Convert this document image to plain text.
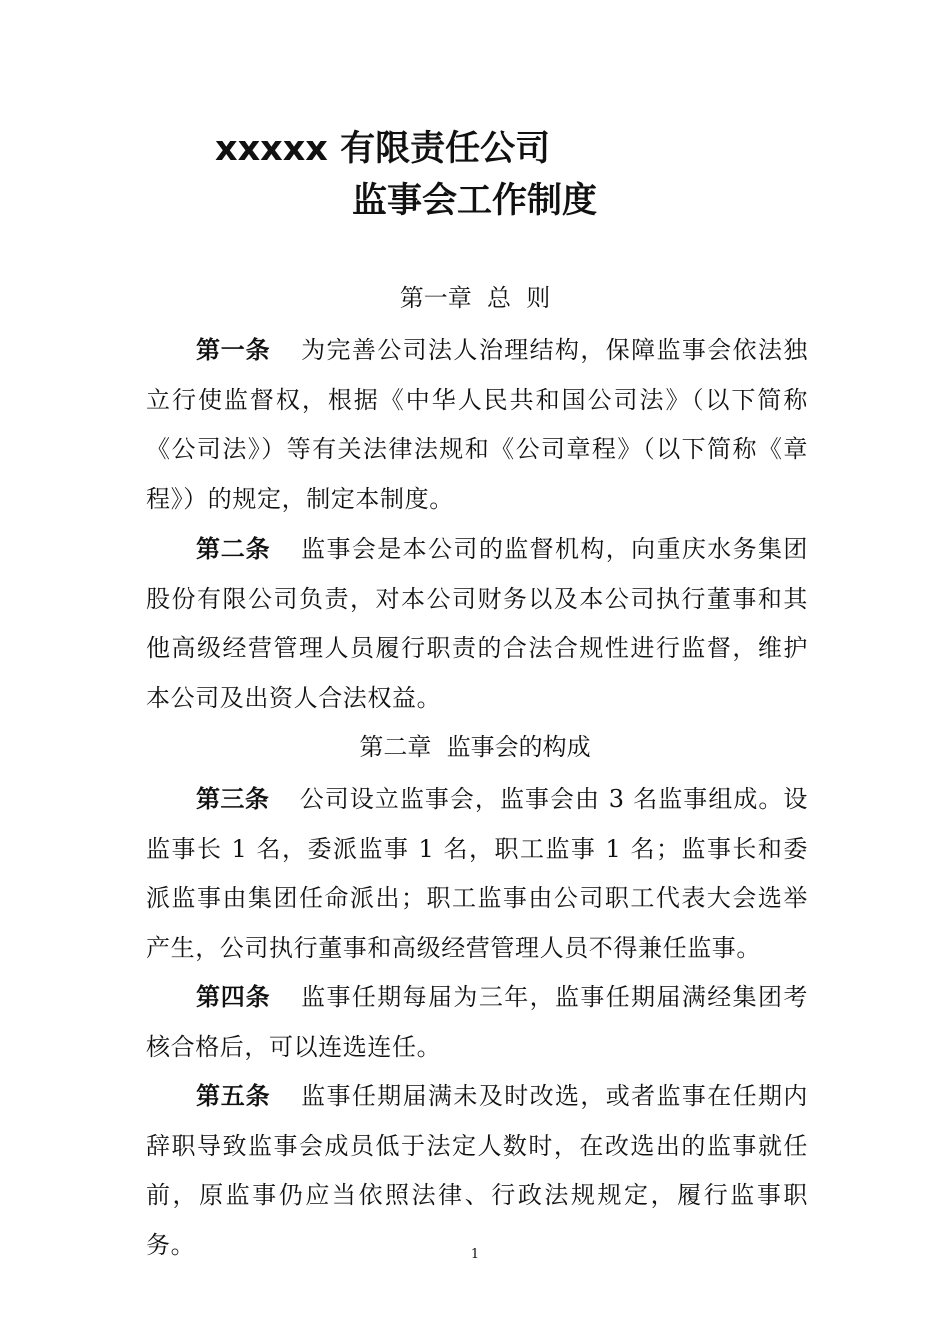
xxxxx 有限责任公司
监事会工作制度
第一章  总  则

第一条 为完善公司法人治理结构，保障监事会依法独立行使监督权，根据《中华人民共和国公司法》（以下简称《公司法》）等有关法律法规和《公司章程》（以下简称《章程》）的规定，制定本制度。

第二条 监事会是本公司的监督机构，向重庆水务集团股份有限公司负责，对本公司财务以及本公司执行董事和其他高级经营管理人员履行职责的合法合规性进行监督，维护本公司及出资人合法权益。

第二章  监事会的构成

第三条 公司设立监事会，监事会由 3 名监事组成。设监事长 1 名，委派监事 1 名，职工监事 1 名；监事长和委派监事由集团任命派出；职工监事由公司职工代表大会选举产生，公司执行董事和高级经营管理人员不得兼任监事。

第四条 监事任期每届为三年，监事任期届满经集团考核合格后，可以连选连任。

第五条 监事任期届满未及时改选，或者监事在任期内辞职导致监事会成员低于法定人数时，在改选出的监事就任前，原监事仍应当依照法律、行政法规规定，履行监事职务。	1
